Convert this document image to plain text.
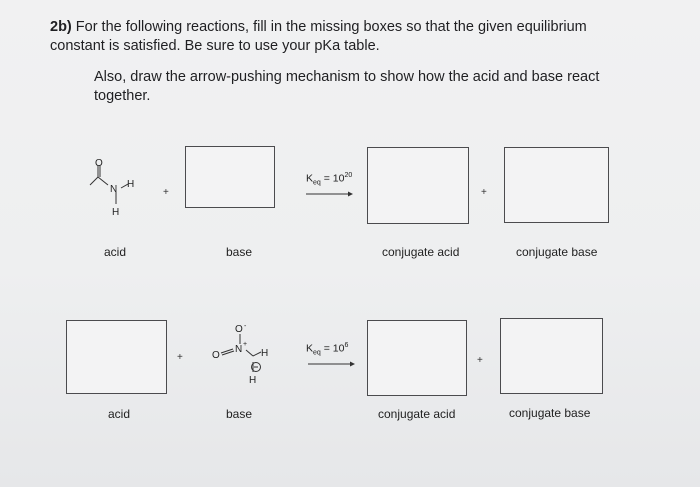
2b) For the following reactions, fill in the missing boxes so that the given equilibrium
constant is satisfied. Be sure to use your pKa table.
Also, draw the arrow-pushing mechanism to show how the acid and base react
together.
O
N H
H
+
$K_{eq} = 10^{20}$
+
acid	base	conjugate acid	conjugate base
+
O -
O
N +
H
H
$K_{eq} = 10^6$
+
acid	base	conjugate acid	conjugate base
